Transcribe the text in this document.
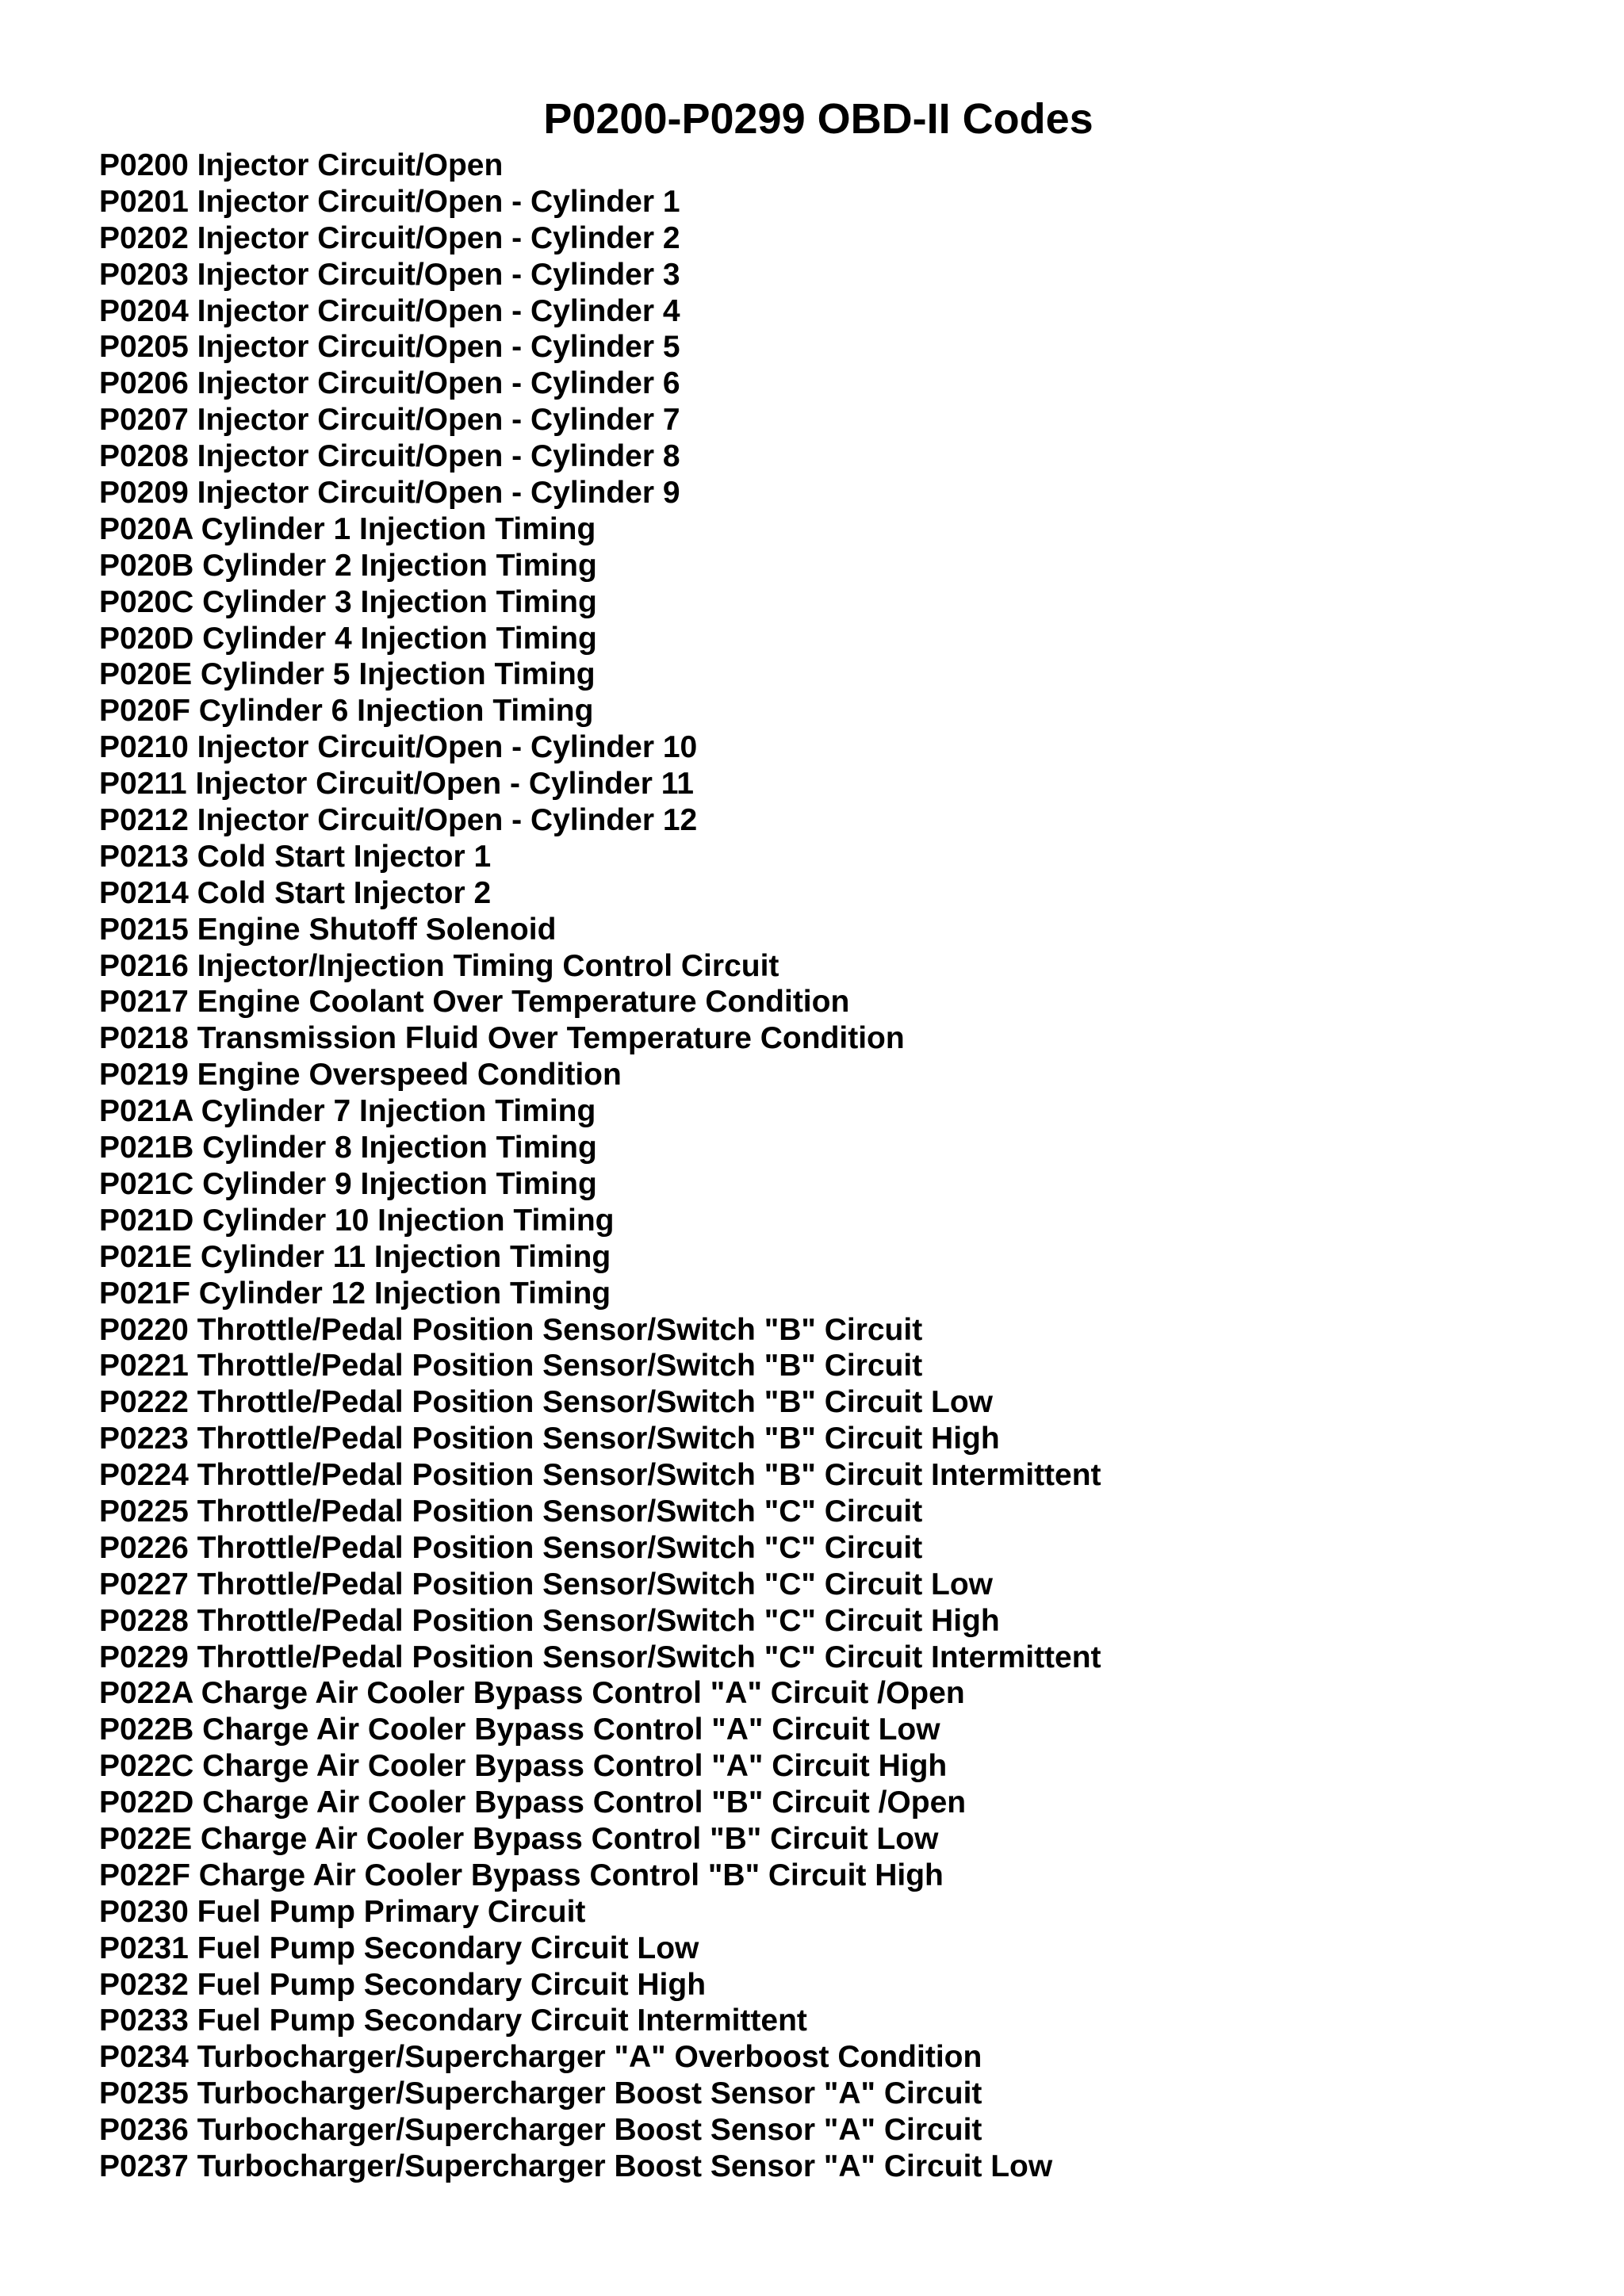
P0200-P0299 OBD-II Codes
P0200 Injector Circuit/Open
P0201 Injector Circuit/Open - Cylinder 1
P0202 Injector Circuit/Open - Cylinder 2
P0203 Injector Circuit/Open - Cylinder 3
P0204 Injector Circuit/Open - Cylinder 4
P0205 Injector Circuit/Open - Cylinder 5
P0206 Injector Circuit/Open - Cylinder 6
P0207 Injector Circuit/Open - Cylinder 7
P0208 Injector Circuit/Open - Cylinder 8
P0209 Injector Circuit/Open - Cylinder 9
P020A Cylinder 1 Injection Timing
P020B Cylinder 2 Injection Timing
P020C Cylinder 3 Injection Timing
P020D Cylinder 4 Injection Timing
P020E Cylinder 5 Injection Timing
P020F Cylinder 6 Injection Timing
P0210 Injector Circuit/Open - Cylinder 10
P0211 Injector Circuit/Open - Cylinder 11
P0212 Injector Circuit/Open - Cylinder 12
P0213 Cold Start Injector 1
P0214 Cold Start Injector 2
P0215 Engine Shutoff Solenoid
P0216 Injector/Injection Timing Control Circuit
P0217 Engine Coolant Over Temperature Condition
P0218 Transmission Fluid Over Temperature Condition
P0219 Engine Overspeed Condition
P021A Cylinder 7 Injection Timing
P021B Cylinder 8 Injection Timing
P021C Cylinder 9 Injection Timing
P021D Cylinder 10 Injection Timing
P021E Cylinder 11 Injection Timing
P021F Cylinder 12 Injection Timing
P0220 Throttle/Pedal Position Sensor/Switch "B" Circuit
P0221 Throttle/Pedal Position Sensor/Switch "B" Circuit
P0222 Throttle/Pedal Position Sensor/Switch "B" Circuit Low
P0223 Throttle/Pedal Position Sensor/Switch "B" Circuit High
P0224 Throttle/Pedal Position Sensor/Switch "B" Circuit Intermittent
P0225 Throttle/Pedal Position Sensor/Switch "C" Circuit
P0226 Throttle/Pedal Position Sensor/Switch "C" Circuit
P0227 Throttle/Pedal Position Sensor/Switch "C" Circuit Low
P0228 Throttle/Pedal Position Sensor/Switch "C" Circuit High
P0229 Throttle/Pedal Position Sensor/Switch "C" Circuit Intermittent
P022A Charge Air Cooler Bypass Control "A" Circuit /Open
P022B Charge Air Cooler Bypass Control "A" Circuit Low
P022C Charge Air Cooler Bypass Control "A" Circuit High
P022D Charge Air Cooler Bypass Control "B" Circuit /Open
P022E Charge Air Cooler Bypass Control "B" Circuit Low
P022F Charge Air Cooler Bypass Control "B" Circuit High
P0230 Fuel Pump Primary Circuit
P0231 Fuel Pump Secondary Circuit Low
P0232 Fuel Pump Secondary Circuit High
P0233 Fuel Pump Secondary Circuit Intermittent
P0234 Turbocharger/Supercharger "A" Overboost Condition
P0235 Turbocharger/Supercharger Boost Sensor "A" Circuit
P0236 Turbocharger/Supercharger Boost Sensor "A" Circuit
P0237 Turbocharger/Supercharger Boost Sensor "A" Circuit Low
